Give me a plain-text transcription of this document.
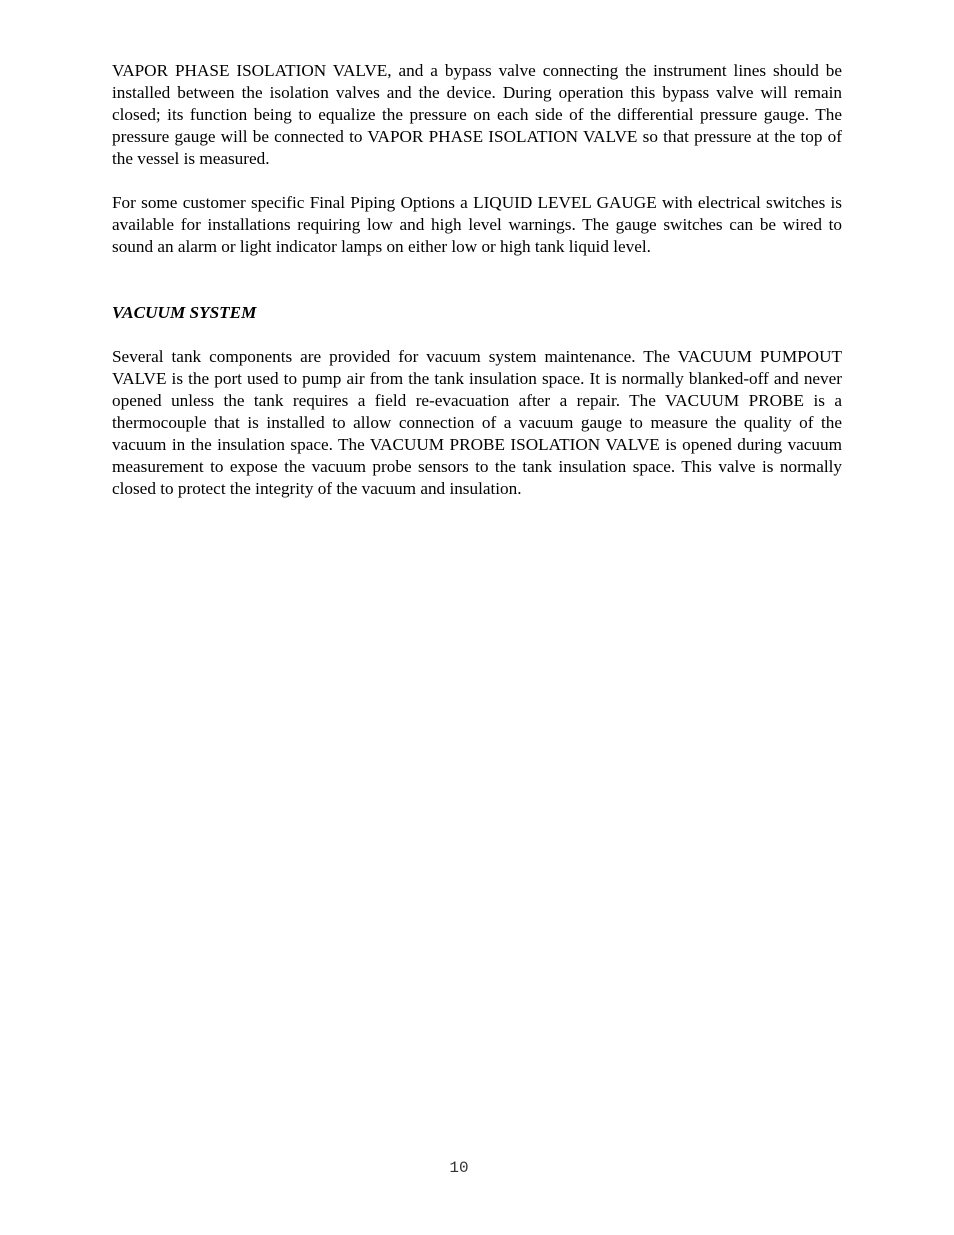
VAPOR PHASE ISOLATION VALVE, and a bypass valve connecting the instrument lines should be installed between the isolation valves and the device. During operation this bypass valve will remain closed; its function being to equalize the pressure on each side of the differential pressure gauge. The pressure gauge will be connected to VAPOR PHASE ISOLATION VALVE so that pressure at the top of the vessel is measured.

For some customer specific Final Piping Options a LIQUID LEVEL GAUGE with electrical switches is available for installations requiring low and high level warnings. The gauge switches can be wired to sound an alarm or light indicator lamps on either low or high tank liquid level.

VACUUM SYSTEM

Several tank components are provided for vacuum system maintenance. The VACUUM PUMPOUT VALVE is the port used to pump air from the tank insulation space. It is normally blanked-off and never opened unless the tank requires a field re-evacuation after a repair. The VACUUM PROBE is a thermocouple that is installed to allow connection of a vacuum gauge to measure the quality of the vacuum in the insulation space. The VACUUM PROBE ISOLATION VALVE is opened during vacuum measurement to expose the vacuum probe sensors to the tank insulation space. This valve is normally closed to protect the integrity of the vacuum and insulation.

10
